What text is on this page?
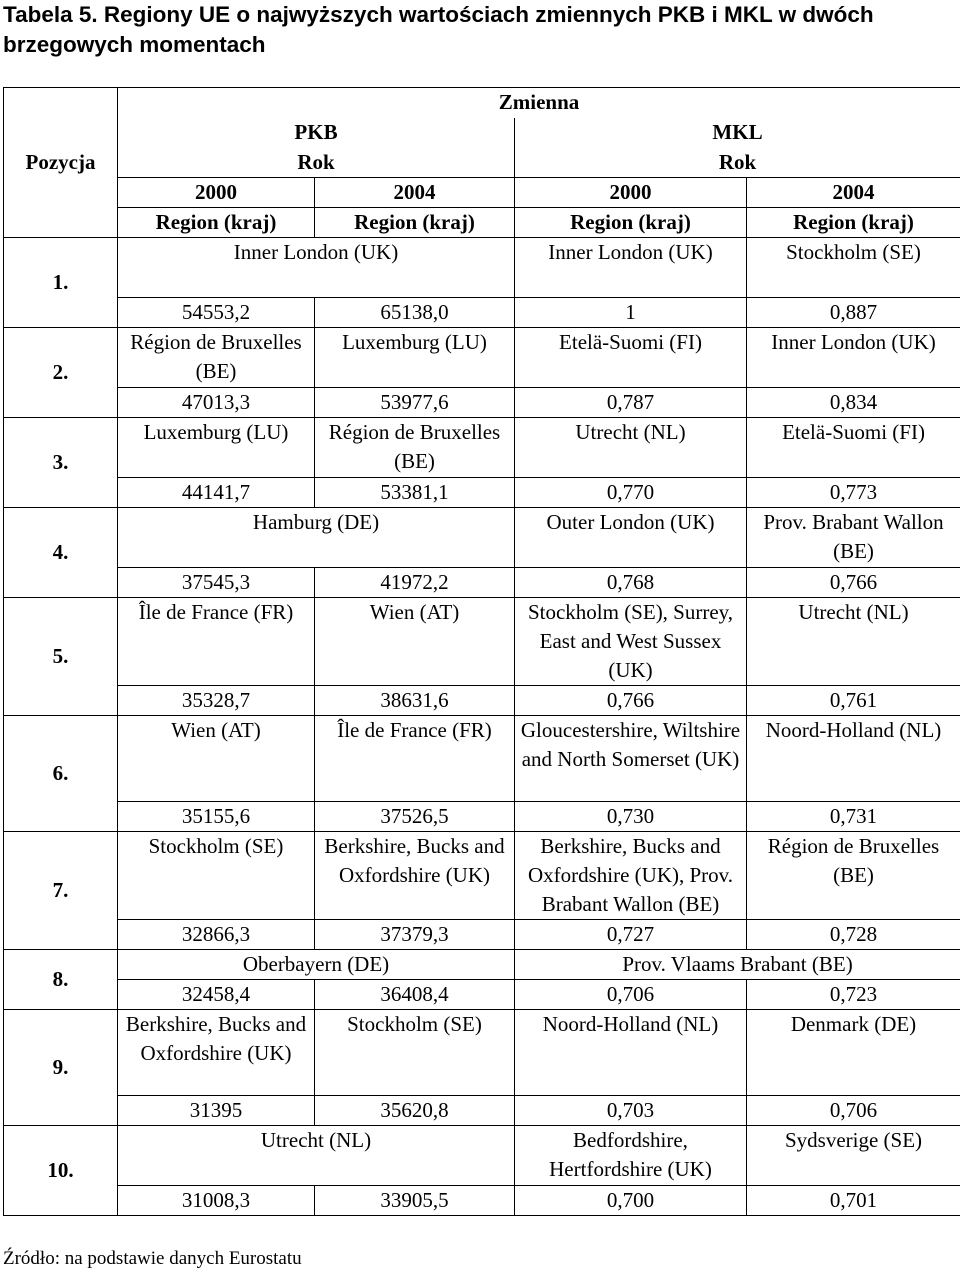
Tabela 5. Regiony UE o najwyższych wartościach zmiennych PKB i MKL w dwóch brzegowych momentach
Pozycja	Zmienna			
	PKB		MKL	
	Rok		Rok	
	2000	2004	2000	2004
	Region (kraj)	Region (kraj)	Region (kraj)	Region (kraj)
1.	Inner London (UK)		Inner London (UK)	Stockholm (SE)
	54553,2	65138,0	1	0,887
2.	Région de Bruxelles (BE)	Luxemburg (LU)	Etelä-Suomi (FI)	Inner London (UK)
	47013,3	53977,6	0,787	0,834
3.	Luxemburg (LU)	Région de Bruxelles (BE)	Utrecht (NL)	Etelä-Suomi (FI)
	44141,7	53381,1	0,770	0,773
4.	Hamburg (DE)		Outer London (UK)	Prov. Brabant Wallon (BE)
	37545,3	41972,2	0,768	0,766
5.	Île de France (FR)	Wien (AT)	Stockholm (SE), Surrey, East and West Sussex (UK)	Utrecht (NL)
	35328,7	38631,6	0,766	0,761
6.	Wien (AT)	Île de France (FR)	Gloucestershire, Wiltshire and North Somerset (UK)	Noord-Holland (NL)
	35155,6	37526,5	0,730	0,731
7.	Stockholm (SE)	Berkshire, Bucks and Oxfordshire (UK)	Berkshire, Bucks and Oxfordshire (UK), Prov. Brabant Wallon (BE)	Région de Bruxelles (BE)
	32866,3	37379,3	0,727	0,728
8.	Oberbayern (DE)		Prov. Vlaams Brabant (BE)	
	32458,4	36408,4	0,706	0,723
9.	Berkshire, Bucks and Oxfordshire (UK)	Stockholm (SE)	Noord-Holland (NL)	Denmark (DE)
	31395	35620,8	0,703	0,706
10.	Utrecht (NL)		Bedfordshire, Hertfordshire (UK)	Sydsverige (SE)
	31008,3	33905,5	0,700	0,701
Źródło: na podstawie danych Eurostatu
